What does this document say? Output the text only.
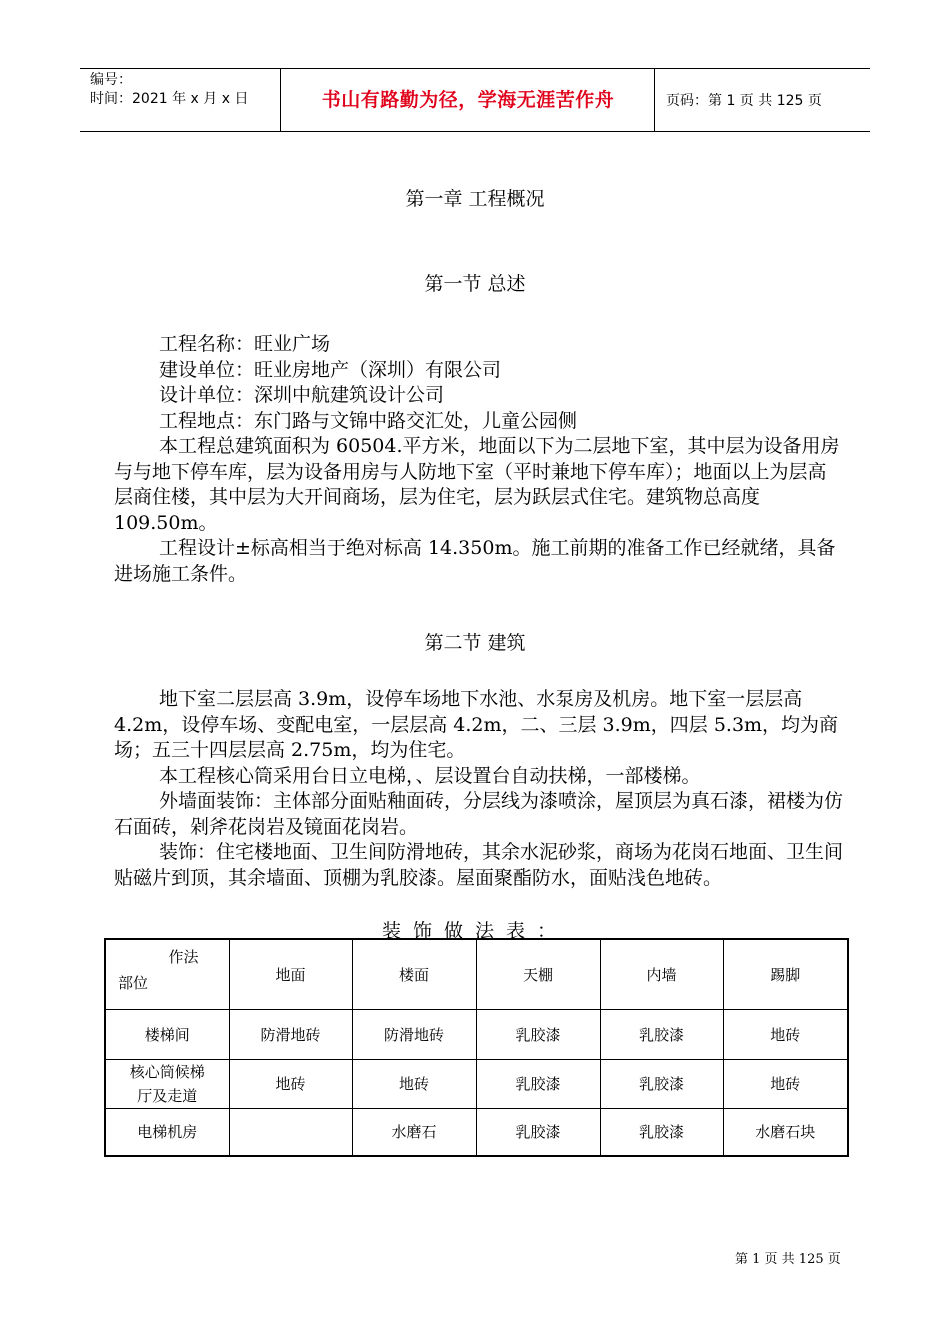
编号：
时间：2021 年 x 月 x 日	书山有路勤为径，学海无涯苦作舟	页码：第 1 页 共 125 页
第一章 工程概况
第一节 总述

工程名称：旺业广场

建设单位：旺业房地产（深圳）有限公司

设计单位：深圳中航建筑设计公司

工程地点：东门路与文锦中路交汇处，儿童公园侧

本工程总建筑面积为 60504.平方米，地面以下为二层地下室，其中层为设备用房与与地下停车库，层为设备用房与人防地下室（平时兼地下停车库）；地面以上为层高层商住楼，其中层为大开间商场，层为住宅，层为跃层式住宅。建筑物总高度 109.50m。

工程设计±标高相当于绝对标高 14.350m。施工前期的准备工作已经就绪，具备进场施工条件。

第二节 建筑

地下室二层层高 3.9m，设停车场地下水池、水泵房及机房。地下室一层层高 4.2m，设停车场、变配电室，一层层高 4.2m，二、三层 3.9m，四层 5.3m，均为商场；五三十四层层高 2.75m，均为住宅。

本工程核心筒采用台日立电梯，、层设置台自动扶梯，一部楼梯。

外墙面装饰：主体部分面贴釉面砖，分层线为漆喷涂，屋顶层为真石漆，裙楼为仿石面砖，剁斧花岗岩及镜面花岗岩。

装饰：住宅楼地面、卫生间防滑地砖，其余水泥砂浆，商场为花岗石地面、卫生间贴磁片到顶，其余墙面、顶棚为乳胶漆。屋面聚酯防水，面贴浅色地砖。

装饰做法表：
作法
部位	地面	楼面	天棚	内墙	踢脚
楼梯间	防滑地砖	防滑地砖	乳胶漆	乳胶漆	地砖

核心筒候梯厅及走道	地砖	地砖	乳胶漆	乳胶漆	地砖
电梯机房		水磨石	乳胶漆	乳胶漆	水磨石块
第 1 页 共 125 页
